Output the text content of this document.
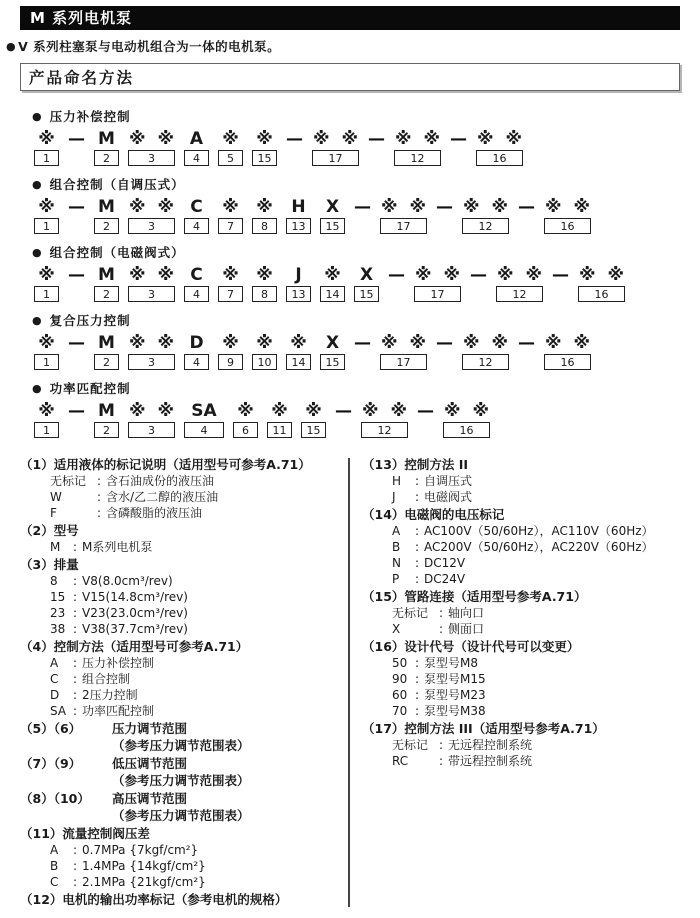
M 系列电机泵
● V 系列柱塞泵与电动机组合为一体的电机泵。
产品命名方法
● 压力补偿控制
※
1
— M
2
※ ※
3
A
4
※
5
※
15
— ※ ※
17
— ※ ※
12
— ※ ※
16
● 组合控制（自调压式）
※
1
— M
2
※ ※
3
C
4
※
7
※
8
H
13
X
15
— ※ ※
17
— ※ ※
12
— ※ ※
16
● 组合控制（电磁阀式）
※
1
— M
2
※ ※
3
C
4
※
7
※
8
J
13
※
14
X
15
— ※ ※
17
— ※ ※
12
— ※ ※
16
● 复合压力控制
※
1
— M
2
※ ※
3
D
4
※
9
※
10
※
14
X
15
— ※ ※
17
— ※ ※
12
— ※ ※
16
● 功率匹配控制
※
1
— M
2
※ ※
3
SA
4
※
6
※
11
※
15
— ※ ※
12
— ※ ※
16
（1）适用液体的标记说明（适用型号可参考A.71）
无标记 : 含石油成份的液压油
W	: 含水/乙二醇的液压油
F	: 含磷酸脂的液压油
（2）型号
M	: M系列电机泵
（3）排量
8	: V8(8.0cm³/rev)
15 : V15(14.8cm³/rev)
23 : V23(23.0cm³/rev)
38 : V38(37.7cm³/rev)
（4）控制方法（适用型号可参考A.71）
A	: 压力补偿控制
C	: 组合控制
D	: 2压力控制
SA : 功率匹配控制
（5）（6） 压力调节范围
（参考压力调节范围表）
（7）（9） 低压调节范围
（参考压力调节范围表）
（8）（10） 高压调节范围
（参考压力调节范围表）
（11）流量控制阀压差
A	: 0.7MPa {7kgf/cm²}
B	: 1.4MPa {14kgf/cm²}
C	: 2.1MPa {21kgf/cm²}
（12）电机的输出功率标记（参考电机的规格）
（13）控制方法 II
H	: 自调压式
J	: 电磁阀式
（14）电磁阀的电压标记
A	: AC100V（50/60Hz），AC110V（60Hz）
B	: AC200V（50/60Hz），AC220V（60Hz）
N	: DC12V
P	: DC24V
（15）管路连接（适用型号参考A.71）
无标记 : 轴向口
X	: 侧面口
（16）设计代号（设计代号可以变更）
50 : 泵型号M8
90 : 泵型号M15
60 : 泵型号M23
70 : 泵型号M38
（17）控制方法 III（适用型号参考A.71）
无标记 : 无远程控制系统
RC	: 带远程控制系统
